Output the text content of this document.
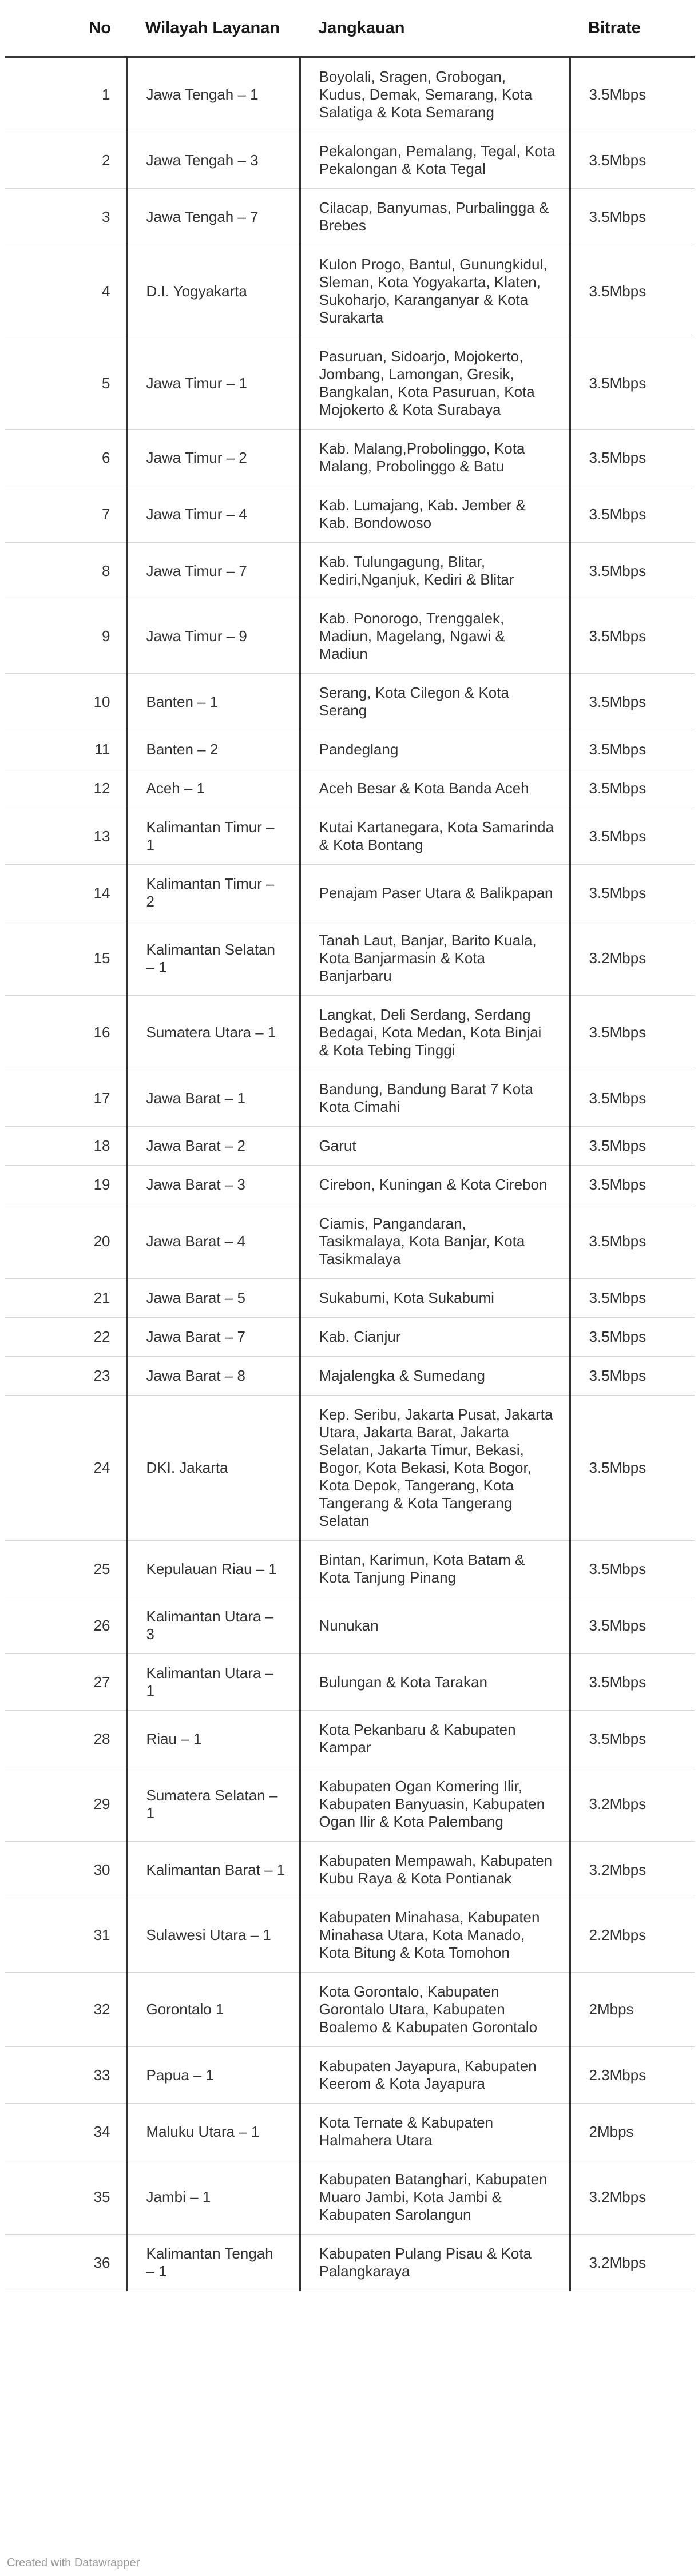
No	Wilayah Layanan	Jangkauan	Bitrate
1	Jawa Tengah – 1	Boyolali, Sragen, Grobogan, Kudus, Demak, Semarang, Kota Salatiga & Kota Semarang	3.5Mbps
2	Jawa Tengah – 3	Pekalongan, Pemalang, Tegal, Kota Pekalongan & Kota Tegal	3.5Mbps
3	Jawa Tengah – 7	Cilacap, Banyumas, Purbalingga & Brebes	3.5Mbps
4	D.I. Yogyakarta	Kulon Progo, Bantul, Gunungkidul, Sleman, Kota Yogyakarta, Klaten, Sukoharjo, Karanganyar & Kota Surakarta	3.5Mbps
5	Jawa Timur – 1	Pasuruan, Sidoarjo, Mojokerto, Jombang, Lamongan, Gresik, Bangkalan, Kota Pasuruan, Kota Mojokerto & Kota Surabaya	3.5Mbps
6	Jawa Timur – 2	Kab. Malang,Probolinggo, Kota Malang, Probolinggo & Batu	3.5Mbps
7	Jawa Timur – 4	Kab. Lumajang, Kab. Jember & Kab. Bondowoso	3.5Mbps
8	Jawa Timur – 7	Kab. Tulungagung, Blitar, Kediri,Nganjuk, Kediri & Blitar	3.5Mbps
9	Jawa Timur – 9	Kab. Ponorogo, Trenggalek, Madiun, Magelang, Ngawi & Madiun	3.5Mbps
10	Banten – 1	Serang, Kota Cilegon & Kota Serang	3.5Mbps
11	Banten – 2	Pandeglang	3.5Mbps
12	Aceh – 1	Aceh Besar & Kota Banda Aceh	3.5Mbps
13	Kalimantan Timur – 1	Kutai Kartanegara, Kota Samarinda & Kota Bontang	3.5Mbps
14	Kalimantan Timur – 2	Penajam Paser Utara & Balikpapan	3.5Mbps
15	Kalimantan Selatan – 1	Tanah Laut, Banjar, Barito Kuala, Kota Banjarmasin & Kota Banjarbaru	3.2Mbps
16	Sumatera Utara – 1	Langkat, Deli Serdang, Serdang Bedagai, Kota Medan, Kota Binjai & Kota Tebing Tinggi	3.5Mbps
17	Jawa Barat – 1	Bandung, Bandung Barat 7 Kota Kota Cimahi	3.5Mbps
18	Jawa Barat – 2	Garut	3.5Mbps
19	Jawa Barat – 3	Cirebon, Kuningan & Kota Cirebon	3.5Mbps
20	Jawa Barat – 4	Ciamis, Pangandaran, Tasikmalaya, Kota Banjar, Kota Tasikmalaya	3.5Mbps
21	Jawa Barat – 5	Sukabumi, Kota Sukabumi	3.5Mbps
22	Jawa Barat – 7	Kab. Cianjur	3.5Mbps
23	Jawa Barat – 8	Majalengka & Sumedang	3.5Mbps
24	DKI. Jakarta	Kep. Seribu, Jakarta Pusat, Jakarta Utara, Jakarta Barat, Jakarta Selatan, Jakarta Timur, Bekasi, Bogor, Kota Bekasi, Kota Bogor, Kota Depok, Tangerang, Kota Tangerang & Kota Tangerang Selatan	3.5Mbps
25	Kepulauan Riau – 1	Bintan, Karimun, Kota Batam & Kota Tanjung Pinang	3.5Mbps
26	Kalimantan Utara – 3	Nunukan	3.5Mbps
27	Kalimantan Utara – 1	Bulungan & Kota Tarakan	3.5Mbps
28	Riau – 1	Kota Pekanbaru & Kabupaten Kampar	3.5Mbps
29	Sumatera Selatan – 1	Kabupaten Ogan Komering Ilir, Kabupaten Banyuasin, Kabupaten Ogan Ilir & Kota Palembang	3.2Mbps
30	Kalimantan Barat – 1	Kabupaten Mempawah, Kabupaten Kubu Raya & Kota Pontianak	3.2Mbps
31	Sulawesi Utara – 1	Kabupaten Minahasa, Kabupaten Minahasa Utara, Kota Manado, Kota Bitung & Kota Tomohon	2.2Mbps
32	Gorontalo 1	Kota Gorontalo, Kabupaten Gorontalo Utara, Kabupaten Boalemo & Kabupaten Gorontalo	2Mbps
33	Papua – 1	Kabupaten Jayapura, Kabupaten Keerom & Kota Jayapura	2.3Mbps
34	Maluku Utara – 1	Kota Ternate & Kabupaten Halmahera Utara	2Mbps
35	Jambi – 1	Kabupaten Batanghari, Kabupaten Muaro Jambi, Kota Jambi & Kabupaten Sarolangun	3.2Mbps
36	Kalimantan Tengah – 1	Kabupaten Pulang Pisau & Kota Palangkaraya	3.2Mbps
Created with Datawrapper
